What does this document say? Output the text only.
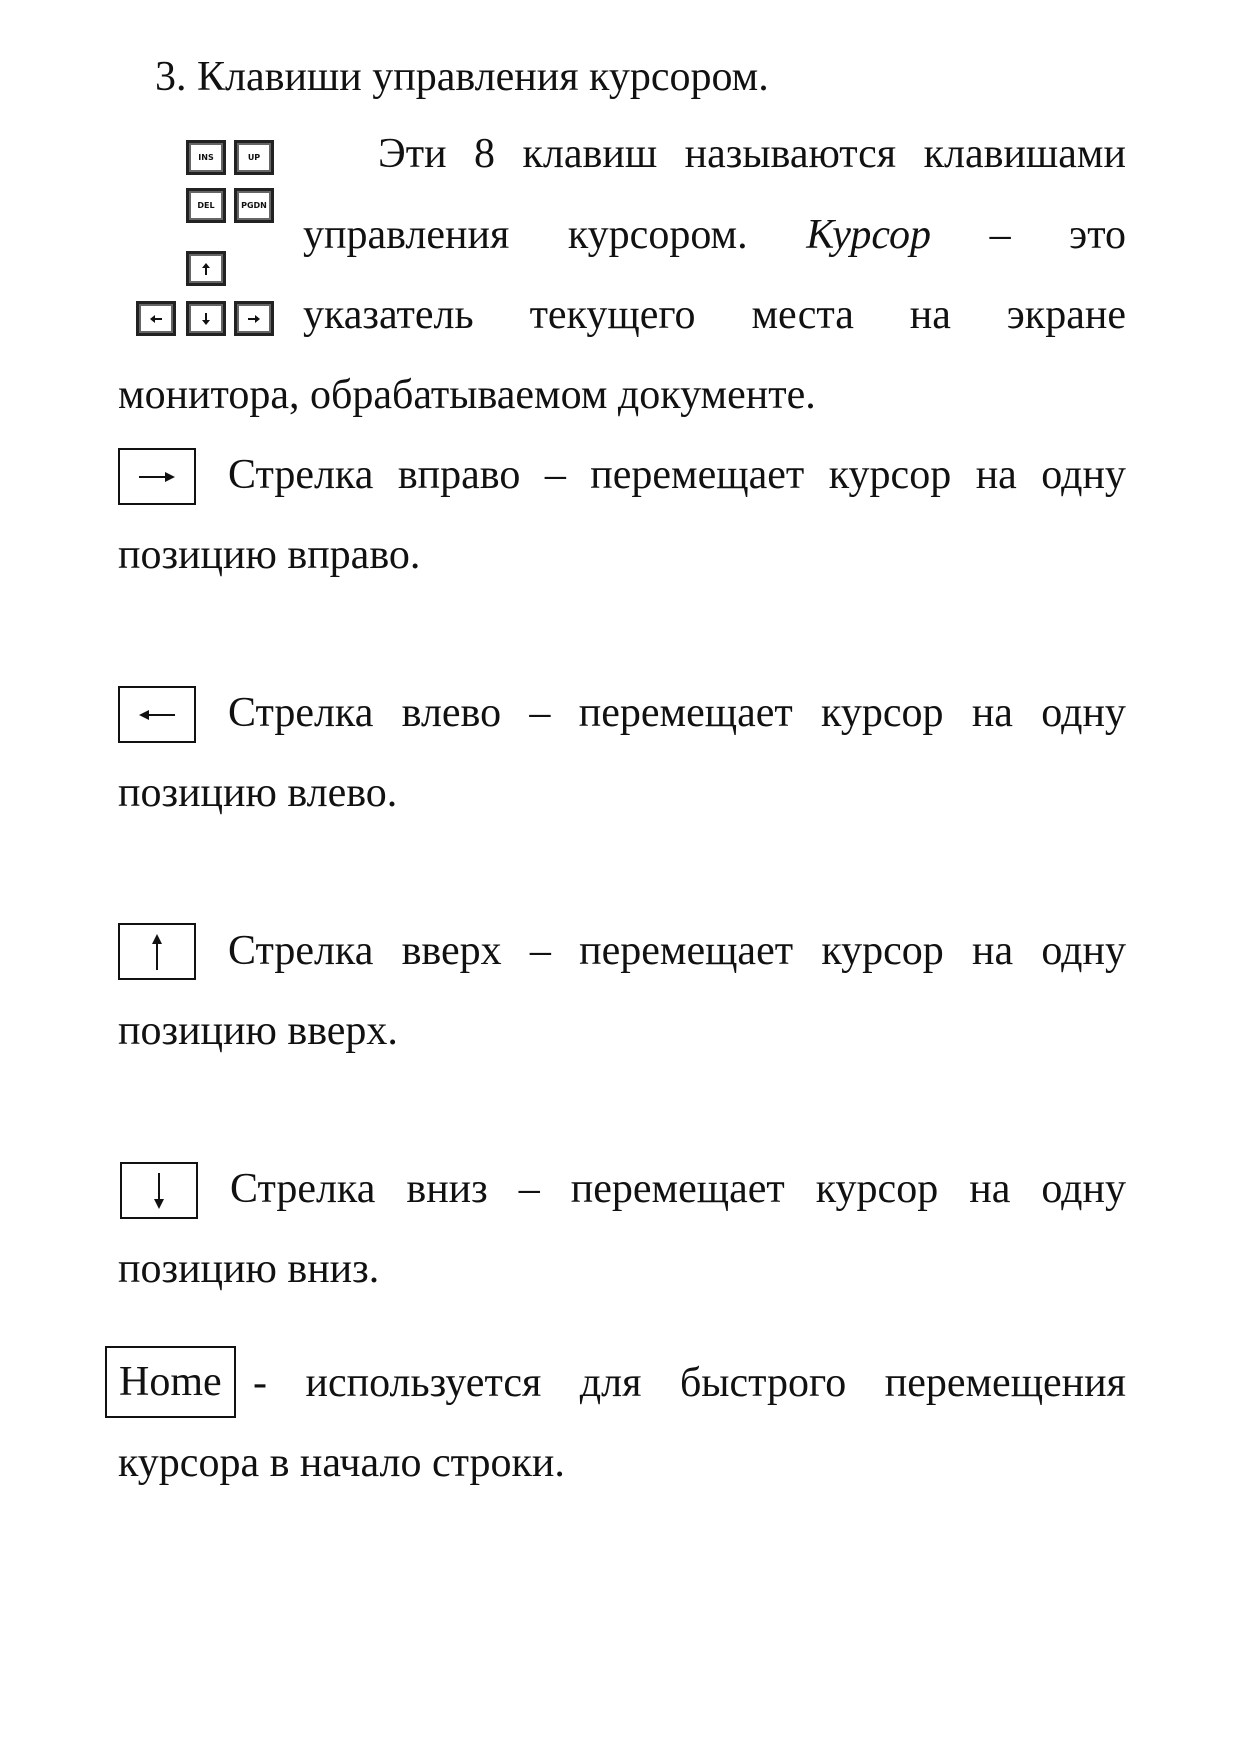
3. Клавиши управления курсором.
INS	UP
DEL	PGDN
Эти 8 клавиш называются клавишами
управления курсором. Курсор – это
указатель текущего места на экране
монитора, обрабатываемом документе.
Стрелка вправо – перемещает курсор на одну
позицию вправо.
Стрелка влево – перемещает курсор на одну
позицию влево.
Стрелка вверх – перемещает курсор на одну
позицию вверх.
Стрелка вниз – перемещает курсор на одну
позицию вниз.
Home - используется для быстрого перемещения
курсора в начало строки.
